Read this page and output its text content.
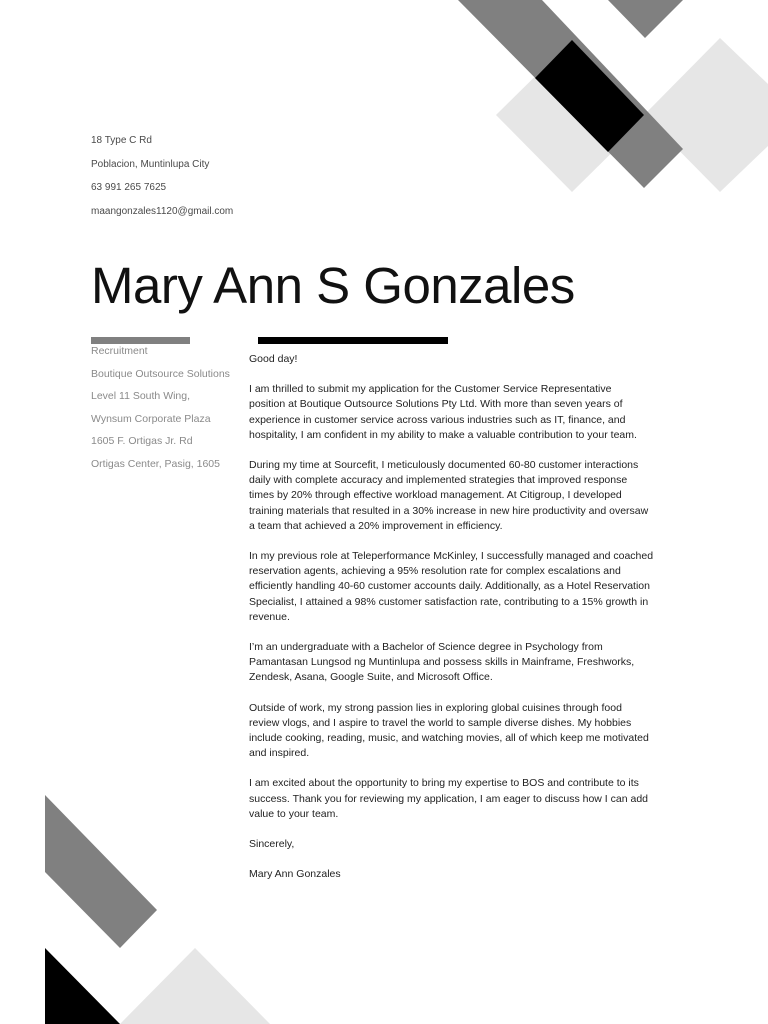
18 Type C Rd
Poblacion, Muntinlupa City
63 991 265 7625
maangonzales1120@gmail.com
Mary Ann S Gonzales
Recruitment
Boutique Outsource Solutions
Level 11 South Wing,
Wynsum Corporate Plaza
1605 F. Ortigas Jr. Rd
Ortigas Center, Pasig, 1605

Good day!

I am thrilled to submit my application for the Customer Service Representative
position at Boutique Outsource Solutions Pty Ltd. With more than seven years of
experience in customer service across various industries such as IT, finance, and
hospitality, I am confident in my ability to make a valuable contribution to your team.

During my time at Sourcefit, I meticulously documented 60-80 customer interactions
daily with complete accuracy and implemented strategies that improved response
times by 20% through effective workload management. At Citigroup, I developed
training materials that resulted in a 30% increase in new hire productivity and oversaw
a team that achieved a 20% improvement in efficiency.

In my previous role at Teleperformance McKinley, I successfully managed and coached
reservation agents, achieving a 95% resolution rate for complex escalations and
efficiently handling 40-60 customer accounts daily. Additionally, as a Hotel Reservation
Specialist, I attained a 98% customer satisfaction rate, contributing to a 15% growth in
revenue.

I’m an undergraduate with a Bachelor of Science degree in Psychology from
Pamantasan Lungsod ng Muntinlupa and possess skills in Mainframe, Freshworks,
Zendesk, Asana, Google Suite, and Microsoft Office.

Outside of work, my strong passion lies in exploring global cuisines through food
review vlogs, and I aspire to travel the world to sample diverse dishes. My hobbies
include cooking, reading, music, and watching movies, all of which keep me motivated
and inspired.

I am excited about the opportunity to bring my expertise to BOS and contribute to its
success. Thank you for reviewing my application, I am eager to discuss how I can add
value to your team.

Sincerely,

Mary Ann Gonzales
